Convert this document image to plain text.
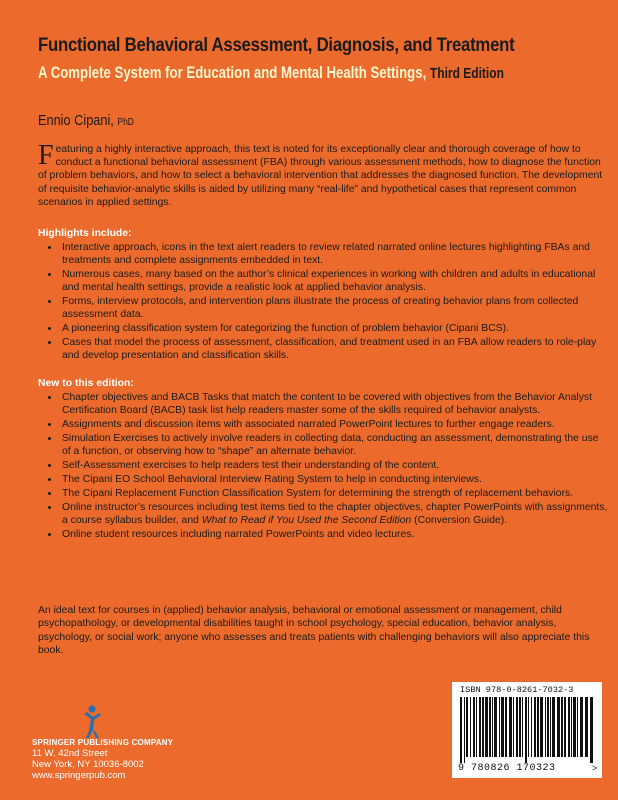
Functional Behavioral Assessment, Diagnosis, and Treatment
A Complete System for Education and Mental Health Settings, Third Edition
Ennio Cipani, PhD
F eaturing a highly interactive approach, this text is noted for its exceptionally clear and thorough coverage of how to conduct a functional behavioral assessment (FBA) through various assessment methods, how to diagnose the function of problem behaviors, and how to select a behavioral intervention that addresses the diagnosed function. The development of requisite behavior-analytic skills is aided by utilizing many “real-life” and hypothetical cases that represent common scenarios in applied settings.
Highlights include:
• Interactive approach, icons in the text alert readers to review related narrated online lectures highlighting FBAs and treatments and complete assignments embedded in text.
• Numerous cases, many based on the author’s clinical experiences in working with children and adults in educational and mental health settings, provide a realistic look at applied behavior analysis.
• Forms, interview protocols, and intervention plans illustrate the process of creating behavior plans from collected assessment data.
• A pioneering classification system for categorizing the function of problem behavior (Cipani BCS).
• Cases that model the process of assessment, classification, and treatment used in an FBA allow readers to role-play and develop presentation and classification skills.
New to this edition:
• Chapter objectives and BACB Tasks that match the content to be covered with objectives from the Behavior Analyst Certification Board (BACB) task list help readers master some of the skills required of behavior analysts.
• Assignments and discussion items with associated narrated PowerPoint lectures to further engage readers.
• Simulation Exercises to actively involve readers in collecting data, conducting an assessment, demonstrating the use of a function, or observing how to “shape” an alternate behavior.
• Self-Assessment exercises to help readers test their understanding of the content.
• The Cipani EO School Behavioral Interview Rating System to help in conducting interviews.
• The Cipani Replacement Function Classification System for determining the strength of replacement behaviors.
• Online instructor’s resources including test items tied to the chapter objectives, chapter PowerPoints with assignments, a course syllabus builder, and What to Read if You Used the Second Edition (Conversion Guide).
• Online student resources including narrated PowerPoints and video lectures.
An ideal text for courses in (applied) behavior analysis, behavioral or emotional assessment or management, child psychopathology, or developmental disabilities taught in school psychology, special education, behavior analysis, psychology, or social work; anyone who assesses and treats patients with challenging behaviors will also appreciate this book.
SPRINGER PUBLISHING COMPANY
11 W. 42nd Street
New York, NY 10036-8002
www.springerpub.com
ISBN 978-0-8261-7032-3
9 780826 170323	>
